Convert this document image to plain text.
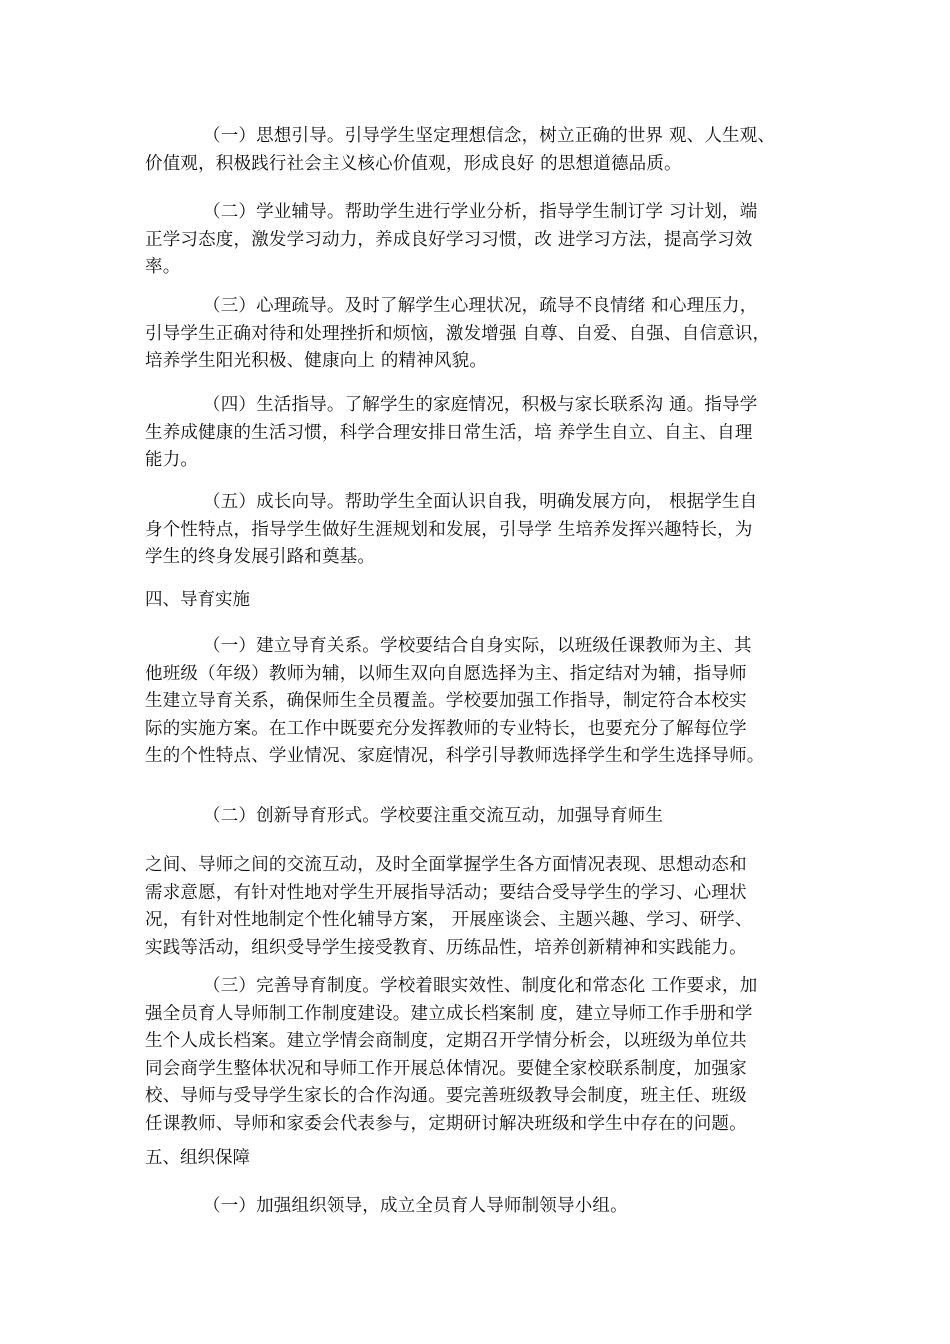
（一）思想引导。引导学生坚定理想信念，树立正确的世界 观、人生观、
价值观，积极践行社会主义核心价值观，形成良好 的思想道德品质。
（二）学业辅导。帮助学生进行学业分析，指导学生制订学 习计划，端
正学习态度，激发学习动力，养成良好学习习惯，改 进学习方法，提高学习效
率。
（三）心理疏导。及时了解学生心理状况，疏导不良情绪 和心理压力，
引导学生正确对待和处理挫折和烦恼，激发增强 自尊、自爱、自强、自信意识，
培养学生阳光积极、健康向上 的精神风貌。
（四）生活指导。了解学生的家庭情况，积极与家长联系沟 通。指导学
生养成健康的生活习惯，科学合理安排日常生活，培 养学生自立、自主、自理
能力。
（五）成长向导。帮助学生全面认识自我，明确发展方向， 根据学生自
身个性特点，指导学生做好生涯规划和发展，引导学 生培养发挥兴趣特长，为
学生的终身发展引路和奠基。
四、导育实施
（一）建立导育关系。学校要结合自身实际，以班级任课教师为主、其
他班级（年级）教师为辅，以师生双向自愿选择为主、指定结对为辅，指导师
生建立导育关系，确保师生全员覆盖。学校要加强工作指导，制定符合本校实
际的实施方案。在工作中既要充分发挥教师的专业特长，也要充分了解每位学
生的个性特点、学业情况、家庭情况，科学引导教师选择学生和学生选择导师。
（二）创新导育形式。学校要注重交流互动，加强导育师生
之间、导师之间的交流互动，及时全面掌握学生各方面情况表现、思想动态和
需求意愿，有针对性地对学生开展指导活动；要结合受导学生的学习、心理状
况，有针对性地制定个性化辅导方案， 开展座谈会、主题兴趣、学习、研学、
实践等活动，组织受导学生接受教育、历练品性，培养创新精神和实践能力。
（三）完善导育制度。学校着眼实效性、制度化和常态化 工作要求，加
强全员育人导师制工作制度建设。建立成长档案制 度，建立导师工作手册和学
生个人成长档案。建立学情会商制度，定期召开学情分析会，以班级为单位共
同会商学生整体状况和导师工作开展总体情况。要健全家校联系制度，加强家
校、导师与受导学生家长的合作沟通。要完善班级教导会制度，班主任、班级
任课教师、导师和家委会代表参与，定期研讨解决班级和学生中存在的问题。
五、组织保障
（一）加强组织领导，成立全员育人导师制领导小组。
